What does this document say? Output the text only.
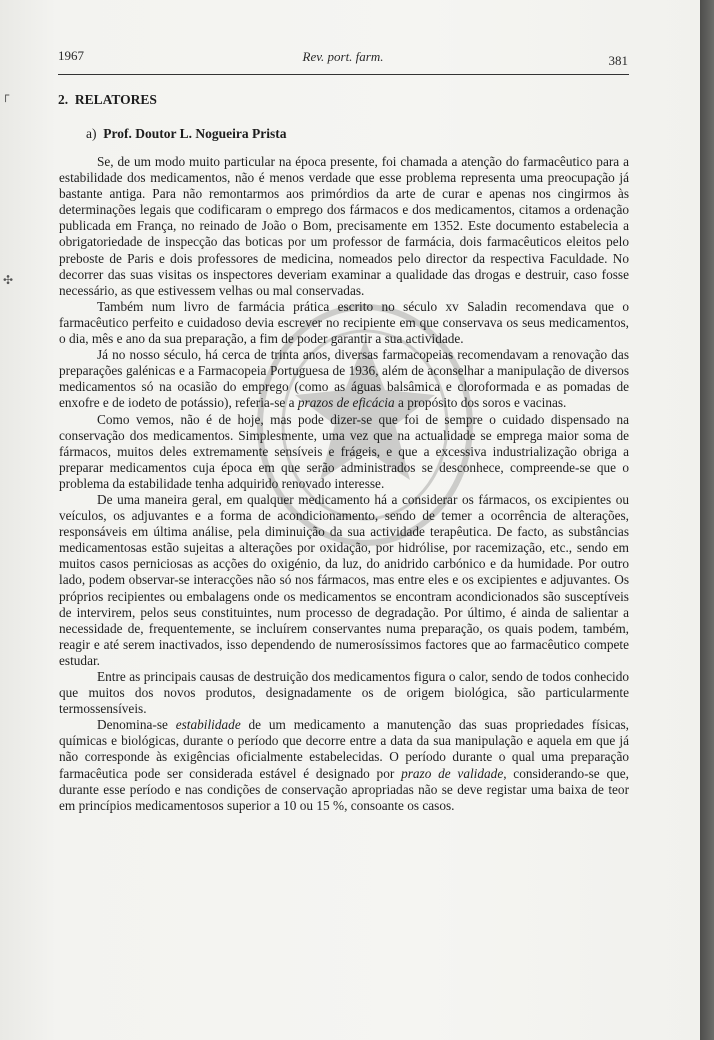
1967	Rev. port. farm.	381
┌
✣
2. RELATORES
a) Prof. Doutor L. Nogueira Prista

Se, de um modo muito particular na época presente, foi chamada a atenção do farmacêutico para a estabilidade dos medicamentos, não é menos verdade que esse problema representa uma preocupação já bastante antiga. Para não remontarmos aos primórdios da arte de curar e apenas nos cingirmos às determinações legais que codificaram o emprego dos fármacos e dos medicamentos, citamos a ordenação publicada em França, no reinado de João o Bom, precisamente em 1352. Este documento estabelecia a obrigatoriedade de inspecção das boticas por um professor de farmácia, dois farmacêuticos eleitos pelo preboste de Paris e dois professores de medicina, nomeados pelo director da respectiva Faculdade. No decorrer das suas visitas os inspectores deveriam examinar a qualidade das drogas e destruir, caso fosse necessário, as que estivessem velhas ou mal conservadas.

Também num livro de farmácia prática escrito no século xv Saladin recomendava que o farmacêutico perfeito e cuidadoso devia escrever no recipiente em que conservava os seus medicamentos, o dia, mês e ano da sua preparação, a fim de poder garantir a sua actividade.

Já no nosso século, há cerca de trinta anos, diversas farmacopeias recomendavam a renovação das preparações galénicas e a Farmacopeia Portuguesa de 1936, além de aconselhar a manipulação de diversos medicamentos só na ocasião do emprego (como as águas balsâmica e cloroformada e as pomadas de enxofre e de iodeto de potássio), referia-se a prazos de eficácia a propósito dos soros e vacinas.

Como vemos, não é de hoje, mas pode dizer-se que foi de sempre o cuidado dispensado na conservação dos medicamentos. Simplesmente, uma vez que na actualidade se emprega maior soma de fármacos, muitos deles extremamente sensíveis e frágeis, e que a excessiva industrialização obriga a preparar medicamentos cuja época em que serão administrados se desconhece, compreende-se que o problema da estabilidade tenha adquirido renovado interesse.

De uma maneira geral, em qualquer medicamento há a considerar os fármacos, os excipientes ou veículos, os adjuvantes e a forma de acondicionamento, sendo de temer a ocorrência de alterações, responsáveis em última análise, pela diminuição da sua actividade terapêutica. De facto, as substâncias medicamentosas estão sujeitas a alterações por oxidação, por hidrólise, por racemização, etc., sendo em muitos casos perniciosas as acções do oxigénio, da luz, do anidrido carbónico e da humidade. Por outro lado, podem observar-se interacções não só nos fármacos, mas entre eles e os excipientes e adjuvantes. Os próprios recipientes ou embalagens onde os medicamentos se encontram acondicionados são susceptíveis de intervirem, pelos seus constituintes, num processo de degradação. Por último, é ainda de salientar a necessidade de, frequentemente, se incluírem conservantes numa preparação, os quais podem, também, reagir e até serem inactivados, isso dependendo de numerosíssimos factores que ao farmacêutico compete estudar.

Entre as principais causas de destruição dos medicamentos figura o calor, sendo de todos conhecido que muitos dos novos produtos, designadamente os de origem biológica, são particularmente termossensíveis.

Denomina-se estabilidade de um medicamento a manutenção das suas propriedades físicas, químicas e biológicas, durante o período que decorre entre a data da sua manipulação e aquela em que já não corresponde às exigências oficialmente estabelecidas. O período durante o qual uma preparação farmacêutica pode ser considerada estável é designado por prazo de validade, considerando-se que, durante esse período e nas condições de conservação apropriadas não se deve registar uma baixa de teor em princípios medicamentosos superior a 10 ou 15 %, consoante os casos.
